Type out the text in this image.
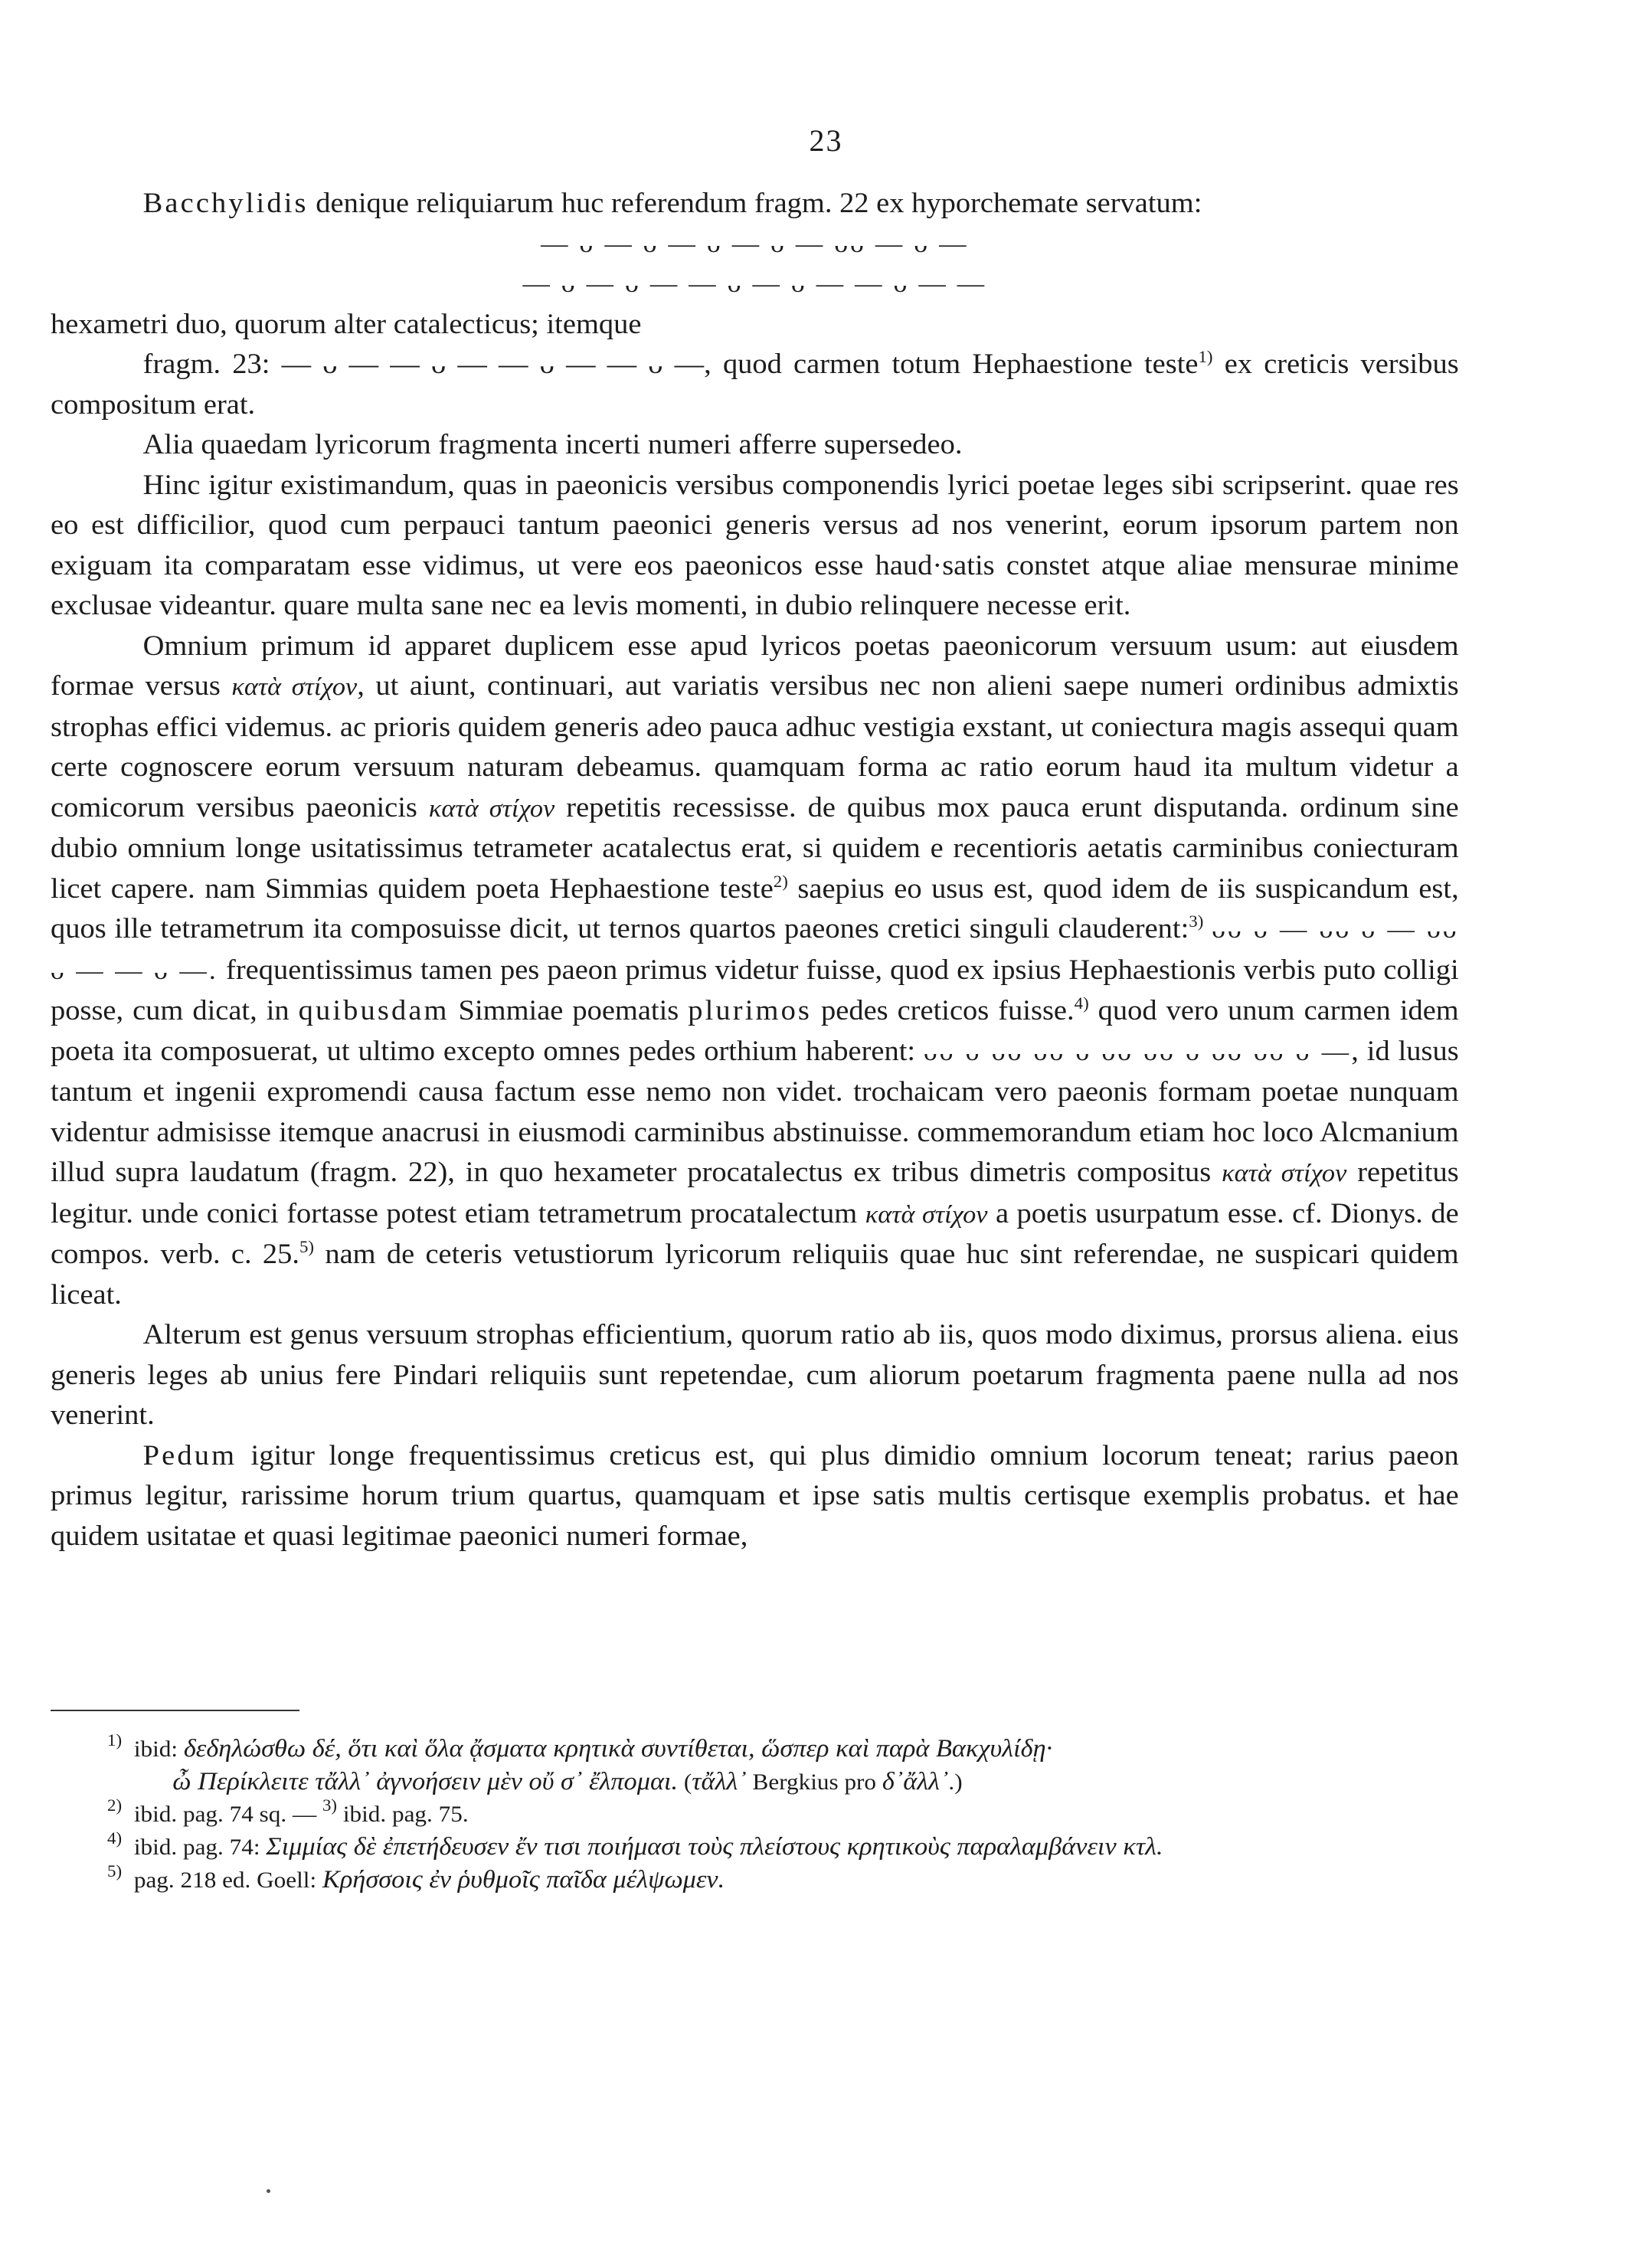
23

Bacchylidis denique reliquiarum huc referendum fragm. 22 ex hyporchemate servatum:

— ᴗ — ᴗ — ᴗ — ᴗ — ᴗᴗ — ᴗ —

— ᴗ — ᴗ — — ᴗ — ᴗ — — ᴗ — —

hexametri duo, quorum alter catalecticus; itemque

fragm. 23: — ᴗ — — ᴗ — — ᴗ — — ᴗ —, quod carmen totum Hephaestione teste$^{1)}$ ex creticis versibus compositum erat.

Alia quaedam lyricorum fragmenta incerti numeri afferre supersedeo.

Hinc igitur existimandum, quas in paeonicis versibus componendis lyrici poetae leges sibi scripserint. quae res eo est difficilior, quod cum perpauci tantum paeonici generis versus ad nos venerint, eorum ipsorum partem non exiguam ita comparatam esse vidimus, ut vere eos paeonicos esse haud·satis constet atque aliae mensurae minime exclusae videantur. quare multa sane nec ea levis momenti, in dubio relinquere necesse erit.

Omnium primum id apparet duplicem esse apud lyricos poetas paeonicorum versuum usum: aut eiusdem formae versus κατὰ στίχον, ut aiunt, continuari, aut variatis versibus nec non alieni saepe numeri ordinibus admixtis strophas effici videmus. ac prioris quidem generis adeo pauca adhuc vestigia exstant, ut coniectura magis assequi quam certe cognoscere eorum versuum naturam debeamus. quamquam forma ac ratio eorum haud ita multum videtur a comicorum versibus paeonicis κατὰ στίχον repetitis recessisse. de quibus mox pauca erunt disputanda. ordinum sine dubio omnium longe usitatissimus tetrameter acatalectus erat, si quidem e recentioris aetatis carminibus coniecturam licet capere. nam Simmias quidem poeta Hephaestione teste$^{2)}$ saepius eo usus est, quod idem de iis suspicandum est, quos ille tetrametrum ita composuisse dicit, ut ternos quartos paeones cretici singuli clauderent:$^{3)}$ ᴗᴗ ᴗ — ᴗᴗ ᴗ — ᴗᴗ ᴗ — — ᴗ —. frequentissimus tamen pes paeon primus videtur fuisse, quod ex ipsius Hephaestionis verbis puto colligi posse, cum dicat, in quibusdam Simmiae poematis plurimos pedes creticos fuisse.$^{4)}$ quod vero unum carmen idem poeta ita composuerat, ut ultimo excepto omnes pedes orthium haberent: ᴗᴗ ᴗ ᴗᴗ ᴗᴗ ᴗ ᴗᴗ ᴗᴗ ᴗ ᴗᴗ ᴗᴗ ᴗ —, id lusus tantum et ingenii expromendi causa factum esse nemo non videt. trochaicam vero paeonis formam poetae nunquam videntur admisisse itemque anacrusi in eiusmodi carminibus abstinuisse. commemorandum etiam hoc loco Alcmanium illud supra laudatum (fragm. 22), in quo hexameter procatalectus ex tribus dimetris compositus κατὰ στίχον repetitus legitur. unde conici fortasse potest etiam tetrametrum procatalectum κατὰ στίχον a poetis usurpatum esse. cf. Dionys. de compos. verb. c. 25.$^{5)}$ nam de ceteris vetustiorum lyricorum reliquiis quae huc sint referendae, ne suspicari quidem liceat.

Alterum est genus versuum strophas efficientium, quorum ratio ab iis, quos modo diximus, prorsus aliena. eius generis leges ab unius fere Pindari reliquiis sunt repetendae, cum aliorum poetarum fragmenta paene nulla ad nos venerint.

Pedum igitur longe frequentissimus creticus est, qui plus dimidio omnium locorum teneat; rarius paeon primus legitur, rarissime horum trium quartus, quamquam et ipse satis multis certisque exemplis probatus. et hae quidem usitatae et quasi legitimae paeonici numeri formae,

$^{1)}$ ibid: δεδηλώσθω δέ, ὅτι καὶ ὅλα ᾄσματα κρητικὰ συντίθεται, ὥσπερ καὶ παρὰ Βακχυλίδῃ·

ὦ Περίκλειτε τἄλλ᾽ ἀγνοήσειν μὲν οὔ σ᾽ ἔλπομαι. (τἄλλ᾽ Bergkius pro δ᾽ἄλλ᾽.)

$^{2)}$ ibid. pag. 74 sq. — $^{3)}$ ibid. pag. 75.

$^{4)}$ ibid. pag. 74: Σιμμίας δὲ ἐπετήδευσεν ἔν τισι ποιήμασι τοὺς πλείστους κρητικοὺς παραλαμβάνειν κτλ.

$^{5)}$ pag. 218 ed. Goell: Κρήσσοις ἐν ῥυθμοῖς παῖδα μέλψωμεν.
